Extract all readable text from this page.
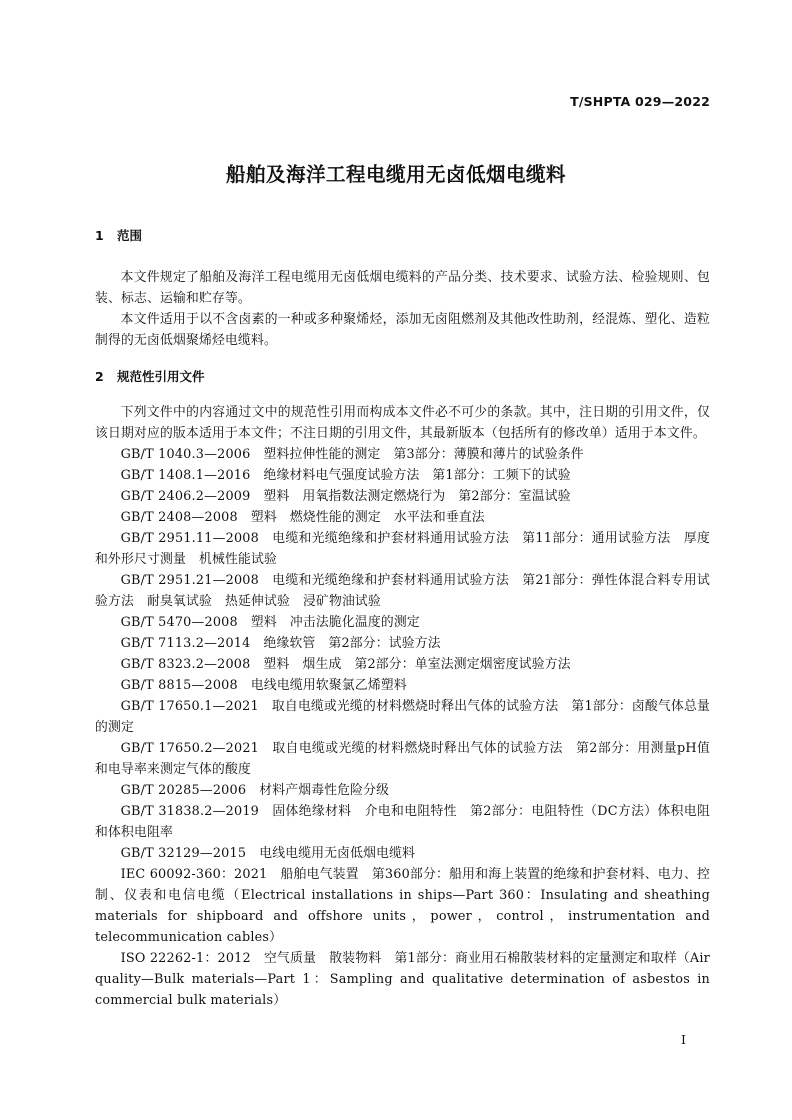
T/SHPTA 029—2022
船舶及海洋工程电缆用无卤低烟电缆料
1 范围

本文件规定了船舶及海洋工程电缆用无卤低烟电缆料的产品分类、技术要求、试验方法、检验规则、包装、标志、运输和贮存等。

本文件适用于以不含卤素的一种或多种聚烯烃，添加无卤阻燃剂及其他改性助剂，经混炼、塑化、造粒制得的无卤低烟聚烯烃电缆料。

2 规范性引用文件

下列文件中的内容通过文中的规范性引用而构成本文件必不可少的条款。其中，注日期的引用文件，仅该日期对应的版本适用于本文件；不注日期的引用文件，其最新版本（包括所有的修改单）适用于本文件。

GB/T 1040.3—2006　塑料拉伸性能的测定　第3部分：薄膜和薄片的试验条件
GB/T 1408.1—2016　绝缘材料电气强度试验方法　第1部分：工频下的试验
GB/T 2406.2—2009　塑料　用氧指数法测定燃烧行为　第2部分：室温试验
GB/T 2408—2008　塑料　燃烧性能的测定　水平法和垂直法
GB/T 2951.11—2008　电缆和光缆绝缘和护套材料通用试验方法　第11部分：通用试验方法　厚度和外形尺寸测量　机械性能试验
GB/T 2951.21—2008　电缆和光缆绝缘和护套材料通用试验方法　第21部分：弹性体混合料专用试验方法　耐臭氧试验　热延伸试验　浸矿物油试验
GB/T 5470—2008　塑料　冲击法脆化温度的测定
GB/T 7113.2—2014　绝缘软管　第2部分：试验方法
GB/T 8323.2—2008　塑料　烟生成　第2部分：单室法测定烟密度试验方法
GB/T 8815—2008　电线电缆用软聚氯乙烯塑料
GB/T 17650.1—2021　取自电缆或光缆的材料燃烧时释出气体的试验方法　第1部分：卤酸气体总量的测定
GB/T 17650.2—2021　取自电缆或光缆的材料燃烧时释出气体的试验方法　第2部分：用测量pH值和电导率来测定气体的酸度
GB/T 20285—2006　材料产烟毒性危险分级
GB/T 31838.2—2019　固体绝缘材料　介电和电阻特性　第2部分：电阻特性（DC方法）体积电阻和体积电阻率
GB/T 32129—2015　电线电缆用无卤低烟电缆料
IEC 60092-360：2021　船舶电气装置　第360部分：船用和海上装置的绝缘和护套材料、电力、控制、仪表和电信电缆（Electrical installations in ships—Part 360：Insulating and sheathing materials for shipboard and offshore units，power，control，instrumentation and telecommunication cables）
ISO 22262-1：2012　空气质量　散装物料　第1部分：商业用石棉散装材料的定量测定和取样（Air quality—Bulk materials—Part 1：Sampling and qualitative determination of asbestos in commercial bulk materials）
I
